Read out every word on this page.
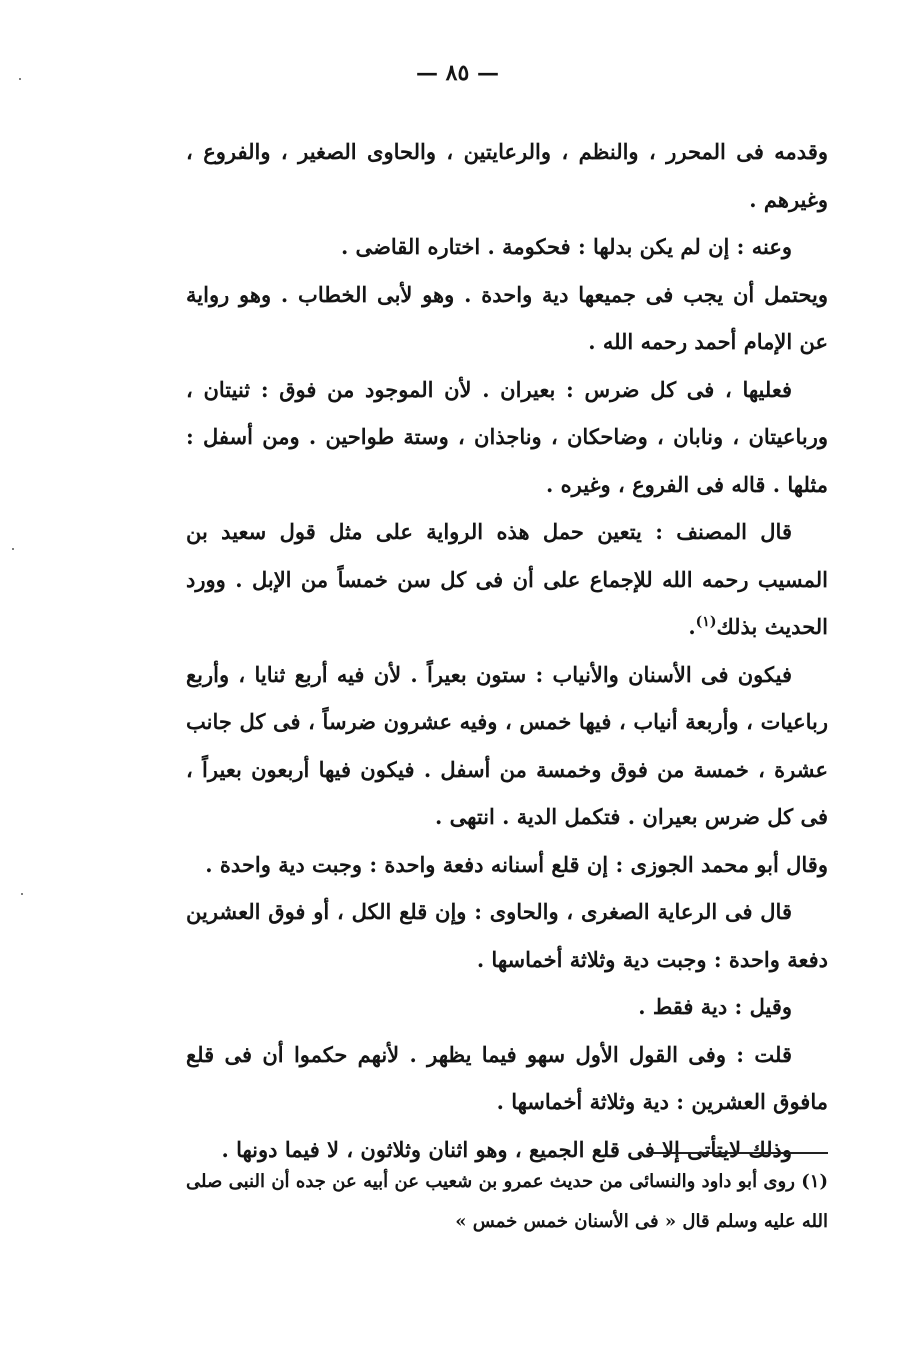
— ٨٥ —

وقدمه فى المحرر ، والنظم ، والرعايتين ، والحاوى الصغير ، والفروع ، وغيرهم .

وعنه : إن لم يكن بدلها : فحكومة . اختاره القاضى .

ويحتمل أن يجب فى جميعها دية واحدة . وهو لأبى الخطاب . وهو رواية عن الإمام أحمد رحمه الله .

فعليها ، فى كل ضرس : بعيران . لأن الموجود من فوق : ثنيتان ، ورباعيتان ، ونابان ، وضاحكان ، وناجذان ، وستة طواحين . ومن أسفل : مثلها . قاله فى الفروع ، وغيره .

قال المصنف : يتعين حمل هذه الرواية على مثل قول سعيد بن المسيب رحمه الله للإجماع على أن فى كل سن خمساً من الإبل . وورد الحديث بذلك$^{(١)}$.

فيكون فى الأسنان والأنياب : ستون بعيراً . لأن فيه أربع ثنايا ، وأربع رباعيات ، وأربعة أنياب ، فيها خمس ، وفيه عشرون ضرساً ، فى كل جانب عشرة ، خمسة من فوق وخمسة من أسفل . فيكون فيها أربعون بعيراً ، فى كل ضرس بعيران . فتكمل الدية . انتهى .

وقال أبو محمد الجوزى : إن قلع أسنانه دفعة واحدة : وجبت دية واحدة .

قال فى الرعاية الصغرى ، والحاوى : وإن قلع الكل ، أو فوق العشرين دفعة واحدة : وجبت دية وثلاثة أخماسها .

وقيل : دية فقط .

قلت : وفى القول الأول سهو فيما يظهر . لأنهم حكموا أن فى قلع مافوق العشرين : دية وثلاثة أخماسها .

وذلك لايتأتى إلا فى قلع الجميع ، وهو اثنان وثلاثون ، لا فيما دونها .

(١) روى أبو داود والنسائى من حديث عمرو بن شعيب عن أبيه عن جده أن النبى صلى الله عليه وسلم قال « فى الأسنان خمس خمس »
